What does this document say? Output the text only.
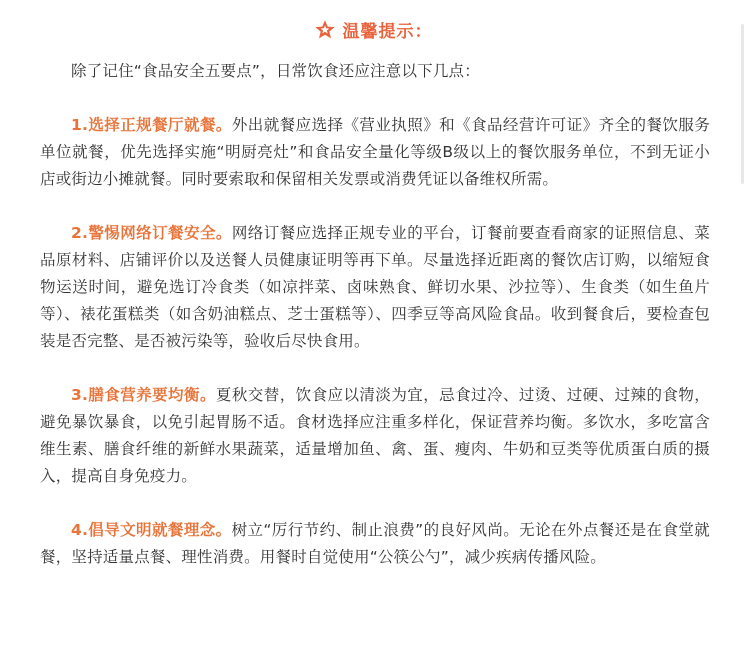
温馨提示：

除了记住“食品安全五要点”，日常饮食还应注意以下几点：

1.选择正规餐厅就餐。外出就餐应选择《营业执照》和《食品经营许可证》齐全的餐饮服务单位就餐，优先选择实施“明厨亮灶”和食品安全量化等级B级以上的餐饮服务单位，不到无证小店或街边小摊就餐。同时要索取和保留相关发票或消费凭证以备维权所需。

2.警惕网络订餐安全。网络订餐应选择正规专业的平台，订餐前要查看商家的证照信息、菜品原材料、店铺评价以及送餐人员健康证明等再下单。尽量选择近距离的餐饮店订购，以缩短食物运送时间，避免选订冷食类（如凉拌菜、卤味熟食、鲜切水果、沙拉等）、生食类（如生鱼片等）、裱花蛋糕类（如含奶油糕点、芝士蛋糕等）、四季豆等高风险食品。收到餐食后，要检查包装是否完整、是否被污染等，验收后尽快食用。

3.膳食营养要均衡。夏秋交替，饮食应以清淡为宜，忌食过冷、过烫、过硬、过辣的食物，避免暴饮暴食，以免引起胃肠不适。食材选择应注重多样化，保证营养均衡。多饮水，多吃富含维生素、膳食纤维的新鲜水果蔬菜，适量增加鱼、禽、蛋、瘦肉、牛奶和豆类等优质蛋白质的摄入，提高自身免疫力。

4.倡导文明就餐理念。树立“厉行节约、制止浪费”的良好风尚。无论在外点餐还是在食堂就餐，坚持适量点餐、理性消费。用餐时自觉使用“公筷公勺”，减少疾病传播风险。
